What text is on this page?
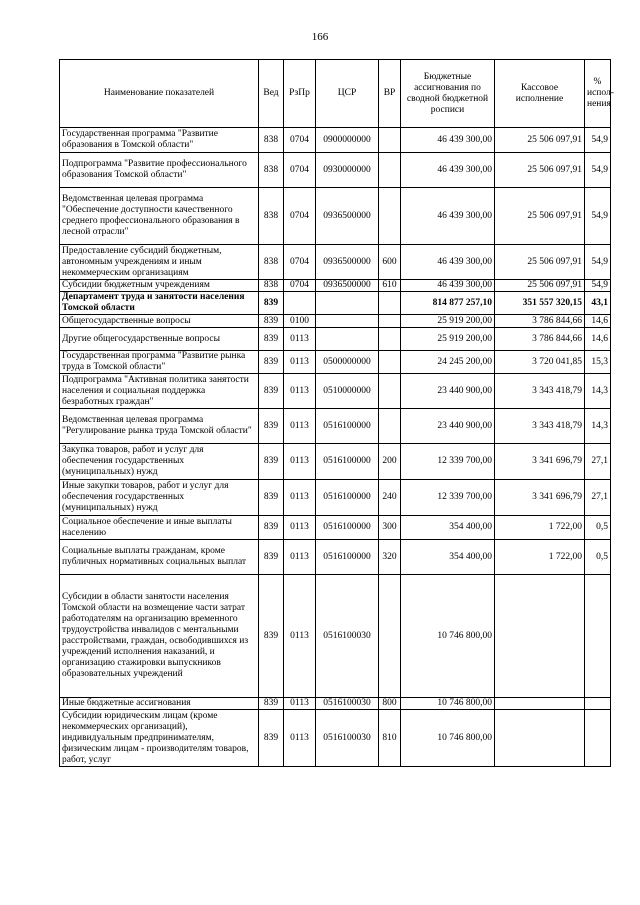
166
Наименование показателей	Вед	РзПр	ЦСР	ВР	Бюджетные ассигнования по сводной бюджетной росписи	Кассовое исполнение	% испол-нения
Государственная программа "Развитие образования в Томской области"	838	0704	0900000000		46 439 300,00	25 506 097,91	54,9
Подпрограмма "Развитие профессионального образования Томской области"	838	0704	0930000000		46 439 300,00	25 506 097,91	54,9
Ведомственная целевая программа "Обеспечение доступности качественного среднего профессионального образования в лесной отрасли"	838	0704	0936500000		46 439 300,00	25 506 097,91	54,9
Предоставление субсидий бюджетным, автономным учреждениям и иным некоммерческим организациям	838	0704	0936500000	600	46 439 300,00	25 506 097,91	54,9
Субсидии бюджетным учреждениям	838	0704	0936500000	610	46 439 300,00	25 506 097,91	54,9
Департамент труда и занятости населения Томской области	839				814 877 257,10	351 557 320,15	43,1
Общегосударственные вопросы	839	0100			25 919 200,00	3 786 844,66	14,6
Другие общегосударственные вопросы	839	0113			25 919 200,00	3 786 844,66	14,6
Государственная программа "Развитие рынка труда в Томской области"	839	0113	0500000000		24 245 200,00	3 720 041,85	15,3
Подпрограмма "Активная политика занятости населения и социальная поддержка безработных граждан"	839	0113	0510000000		23 440 900,00	3 343 418,79	14,3
Ведомственная целевая программа "Регулирование рынка труда Томской области"	839	0113	0516100000		23 440 900,00	3 343 418,79	14,3
Закупка товаров, работ и услуг для обеспечения государственных (муниципальных) нужд	839	0113	0516100000	200	12 339 700,00	3 341 696,79	27,1
Иные закупки товаров, работ и услуг для обеспечения государственных (муниципальных) нужд	839	0113	0516100000	240	12 339 700,00	3 341 696,79	27,1
Социальное обеспечение и иные выплаты населению	839	0113	0516100000	300	354 400,00	1 722,00	0,5
Социальные выплаты гражданам, кроме публичных нормативных социальных выплат	839	0113	0516100000	320	354 400,00	1 722,00	0,5
Субсидии в области занятости населения Томской области на возмещение части затрат работодателям на организацию временного трудоустройства инвалидов с ментальными расстройствами, граждан, освободившихся из учреждений исполнения наказаний, и организацию стажировки выпускников образовательных учреждений	839	0113	0516100030		10 746 800,00		
Иные бюджетные ассигнования	839	0113	0516100030	800	10 746 800,00		
Субсидии юридическим лицам (кроме некоммерческих организаций), индивидуальным предпринимателям, физическим лицам - производителям товаров, работ, услуг	839	0113	0516100030	810	10 746 800,00		
